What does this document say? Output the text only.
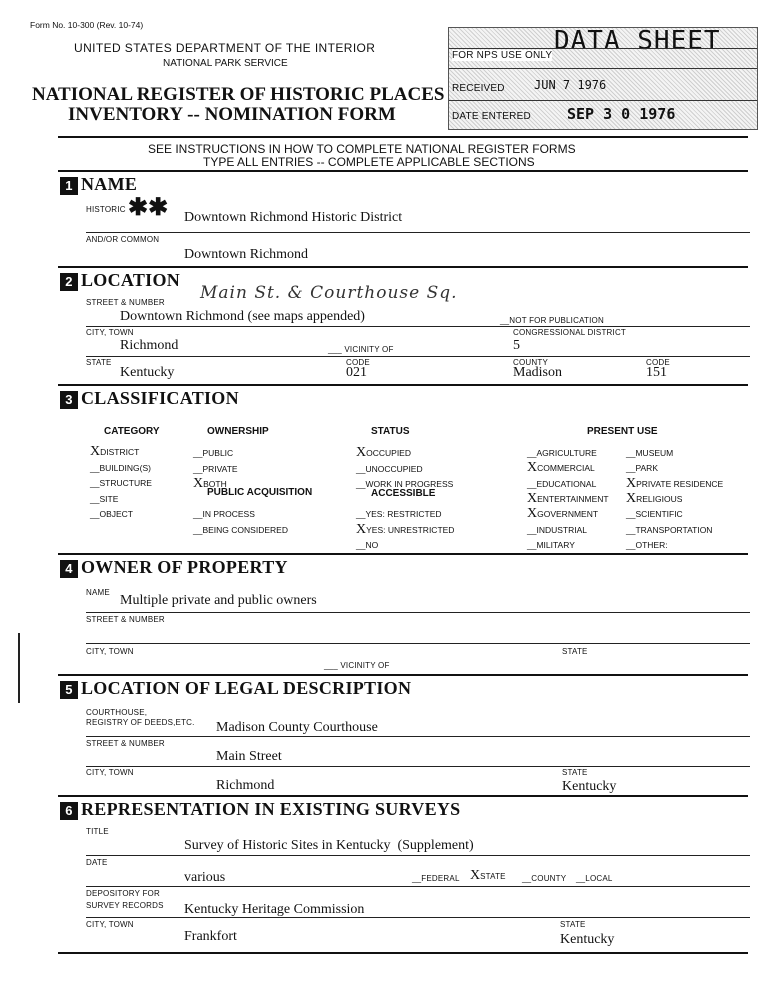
Form No. 10-300 (Rev. 10-74)
UNITED STATES DEPARTMENT OF THE INTERIOR
NATIONAL PARK SERVICE
NATIONAL REGISTER OF HISTORIC PLACES
INVENTORY -- NOMINATION FORM
DATA SHEET
FOR NPS USE ONLY
RECEIVED JUN 7 1976
DATE ENTERED SEP 3 0 1976
SEE INSTRUCTIONS IN HOW TO COMPLETE NATIONAL REGISTER FORMS
TYPE ALL ENTRIES -- COMPLETE APPLICABLE SECTIONS
1 NAME
HISTORIC ✱✱ Downtown Richmond Historic District
AND/OR COMMON
Downtown Richmond
2 LOCATION
STREET & NUMBER Main St. & Courthouse Sq.
Downtown Richmond (see maps appended)	__NOT FOR PUBLICATION
CITY, TOWN
Richmond	___ VICINITY OF
CONGRESSIONAL DISTRICT
5
STATE
Kentucky
CODE
021
COUNTY
Madison
CODE
151
3 CLASSIFICATION
CATEGORY	OWNERSHIP	STATUS	PRESENT USE
PUBLIC ACQUISITION	ACCESSIBLE
XDISTRICT
__BUILDING(S)
__STRUCTURE
__SITE
__OBJECT
__PUBLIC
__PRIVATE
XBOTH
__IN PROCESS
__BEING CONSIDERED
XOCCUPIED
__UNOCCUPIED
__WORK IN PROGRESS
__YES: RESTRICTED
XYES: UNRESTRICTED
__NO
__AGRICULTURE
XCOMMERCIAL
__EDUCATIONAL
XENTERTAINMENT
XGOVERNMENT
__INDUSTRIAL
__MILITARY
__MUSEUM
__PARK
XPRIVATE RESIDENCE
XRELIGIOUS
__SCIENTIFIC
__TRANSPORTATION
__OTHER:
4 OWNER OF PROPERTY
NAME
Multiple private and public owners
STREET & NUMBER
CITY, TOWN	STATE
___ VICINITY OF
5 LOCATION OF LEGAL DESCRIPTION
COURTHOUSE,
REGISTRY OF DEEDS,ETC. Madison County Courthouse
STREET & NUMBER
Main Street
CITY, TOWN
Richmond
STATE
Kentucky
6 REPRESENTATION IN EXISTING SURVEYS
TITLE
Survey of Historic Sites in Kentucky (Supplement)
DATE
various	__FEDERAL XSTATE __COUNTY __LOCAL
DEPOSITORY FOR
SURVEY RECORDS Kentucky Heritage Commission
CITY, TOWN
Frankfort
STATE
Kentucky
